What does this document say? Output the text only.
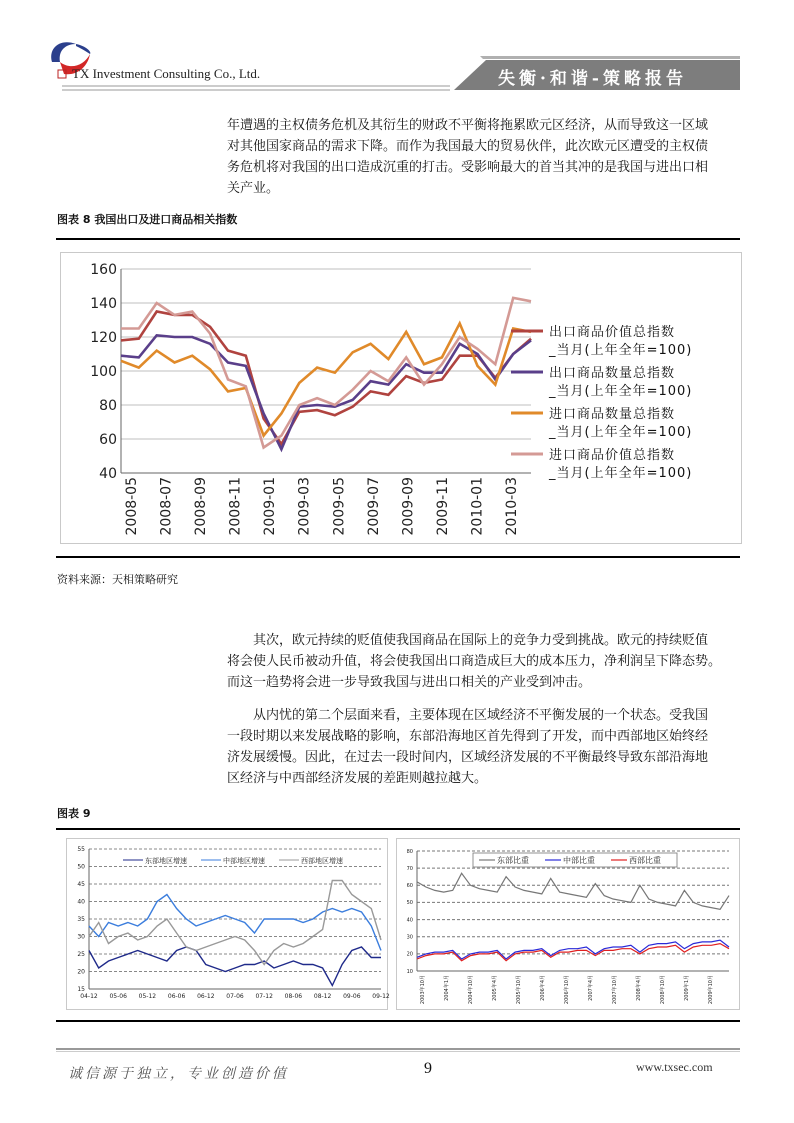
TX Investment Consulting Co., Ltd.	失衡·和谐-策略报告
年遭遇的主权债务危机及其衍生的财政不平衡将拖累欧元区经济，从而导致这一区域
对其他国家商品的需求下降。而作为我国最大的贸易伙伴，此次欧元区遭受的主权债
务危机将对我国的出口造成沉重的打击。受影响最大的首当其冲的是我国与进出口相
关产业。
图表 8 我国出口及进口商品相关指数
40
60
80
100
120
140
160
2008-05 2008-07 2008-09 2008-11 2009-01 2009-03 2009-05 2009-07 2009-09 2009-11 2010-01 2010-03
出口商品价值总指数
_当月(上年全年=100)
出口商品数量总指数
_当月(上年全年=100)
进口商品数量总指数
_当月(上年全年=100)
进口商品价值总指数
_当月(上年全年=100)
资料来源：天相策略研究
其次，欧元持续的贬值使我国商品在国际上的竞争力受到挑战。欧元的持续贬值
将会使人民币被动升值，将会使我国出口商造成巨大的成本压力，净利润呈下降态势。
而这一趋势将会进一步导致我国与进出口相关的产业受到冲击。
从内忧的第二个层面来看，主要体现在区域经济不平衡发展的一个状态。受我国
一段时期以来发展战略的影响，东部沿海地区首先得到了开发，而中西部地区始终经
济发展缓慢。因此，在过去一段时间内，区域经济发展的不平衡最终导致东部沿海地
区经济与中西部经济发展的差距则越拉越大。
图表 9
15
20
25
30
35
40
45
50
55
04-12 05-06 05-12 06-06 06-12 07-06 07-12 08-06 08-12 09-06 09-12
东部地区增速	中部地区增速	西部地区增速
10
20
30
40
50
60
70
80
2003年10月	2004年1月	2004年10月	2005年4月	2005年10月	2006年4月	2006年10月	2007年4月	2007年10月	2008年4月	2008年10月	2009年1月	2009年10月
东部比重	中部比重	西部比重
诚信源于独立，专业创造价值	9	www.txsec.com
